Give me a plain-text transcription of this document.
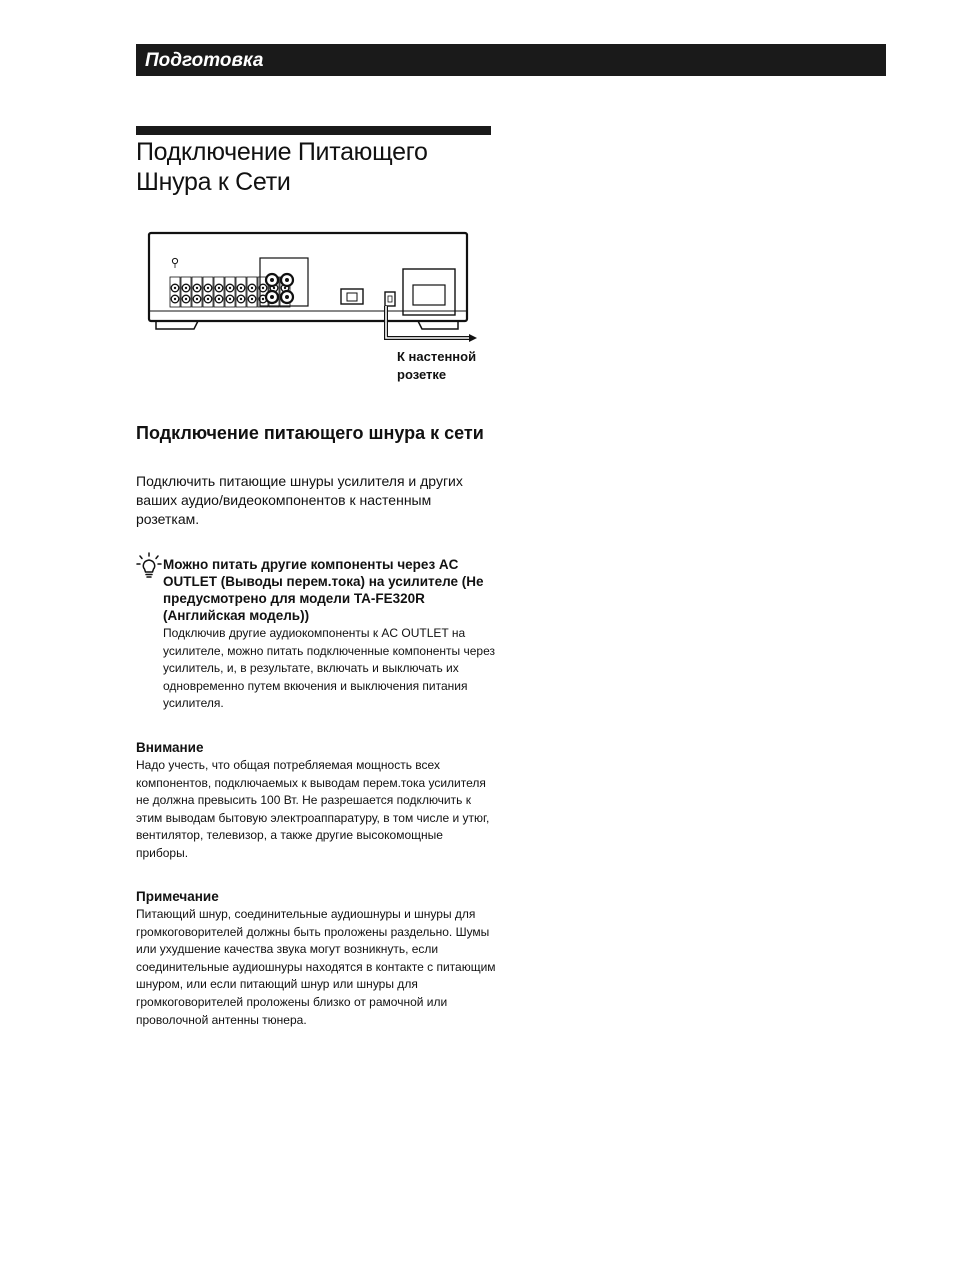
Подготовка
Подключение Питающего Шнура к Сети
К настенной розетке
Подключение питающего шнура к сети

Подключить питающие шнуры усилителя и других ваших аудио/видеокомпонентов к настенным розеткам.

Можно питать другие компоненты через AC OUTLET (Выводы перем.тока) на усилителе (Не предусмотрено для модели TA-FE320R (Английская модель))

Подключив другие аудиокомпоненты к AC OUTLET на усилителе, можно питать подключенные компоненты через усилитель, и, в результате, включать и выключать их одновременно путем вкючения и выключения питания усилителя.

Внимание

Надо учесть, что общая потребляемая мощность всех компонентов, подключаемых к выводам перем.тока усилителя не должна превысить 100 Вт. Не разрешается подключить к этим выводам бытовую электроаппаратуру, в том числе и утюг, вентилятор, телевизор, а также другие высокомощные приборы.

Примечание

Питающий шнур, соединительные аудиошнуры и шнуры для громкоговорителей должны быть проложены раздельно. Шумы или ухудшение качества звука могут возникнуть, если соединительные аудиошнуры находятся в контакте с питающим шнуром, или если питающий шнур или шнуры для громкоговорителей проложены близко от рамочной или проволочной антенны тюнера.
